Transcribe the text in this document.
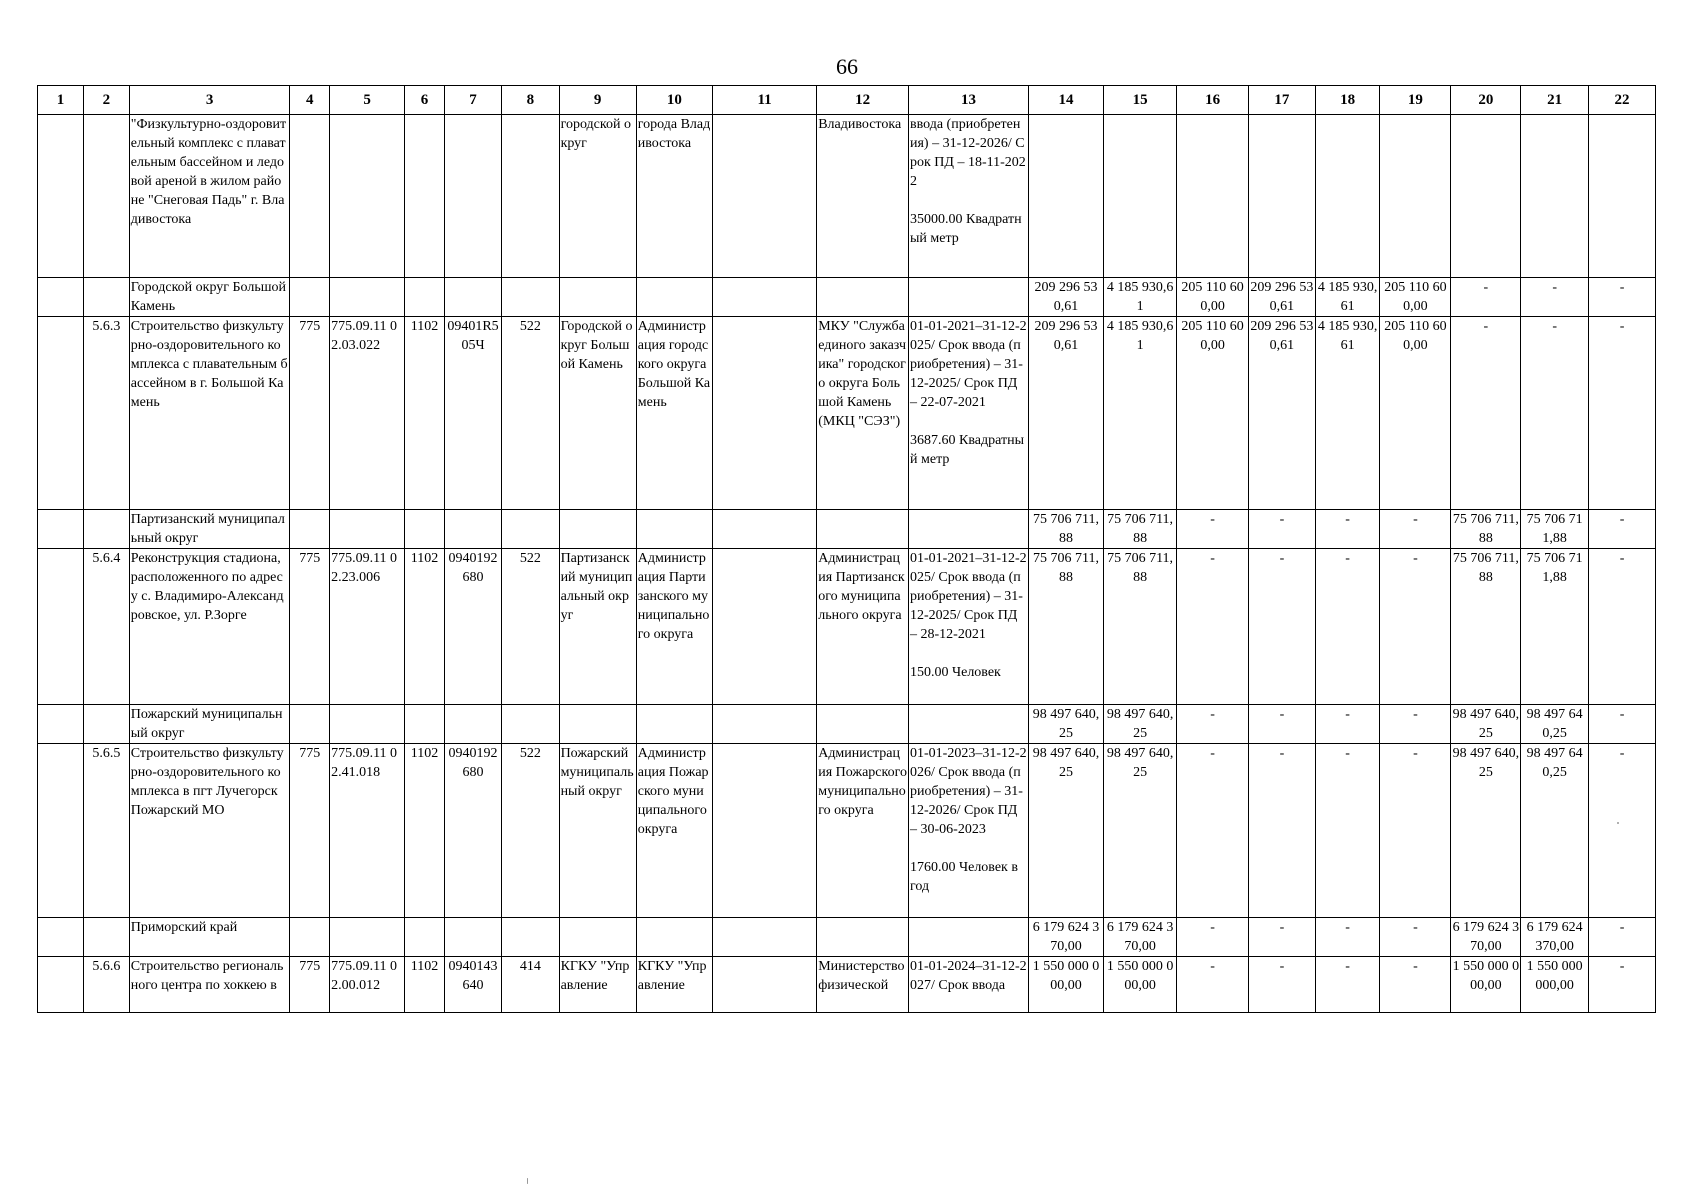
66
1	2	3	4	5	6	7	8	9	10	11	12	13	14	15	16	17	18	19	20	21	22
		"Физкультурно-оздоровительный комплекс с плавательным бассейном и ледовой ареной в жилом районе "Снеговая Падь" г. Владивостока						городской округ	города Владивостока		Владивостока	ввода (приобретения) – 31-12-2026/ Срок ПД – 18-11-2022

35000.00 Квадратный метр									
		Городской округ Большой Камень											209 296 530,61	4 185 930,61	205 110 600,00	209 296 530,61	4 185 930,61	205 110 600,00	-	-	-
	5.6.3	Строительство физкультурно-оздоровительного комплекса с плавательным бассейном в г. Большой Камень	775	775.09.11 02.03.022	1102	09401R505Ч	522	Городской округ Большой Камень	Администрация городского округа Большой Камень		МКУ "Служба единого заказчика" городского округа Большой Камень (МКЦ "СЭЗ")	01-01-2021–31-12-2025/ Срок ввода (приобретения) – 31-12-2025/ Срок ПД – 22-07-2021

3687.60 Квадратный метр	209 296 530,61	4 185 930,61	205 110 600,00	209 296 530,61	4 185 930,61	205 110 600,00	-	-	-
		Партизанский муниципальный округ											75 706 711,88	75 706 711,88	-	-	-	-	75 706 711,88	75 706 711,88	-
	5.6.4	Реконструкция стадиона, расположенного по адресу с. Владимиро-Александровское, ул. Р.Зорге	775	775.09.11 02.23.006	1102	0940192680	522	Партизанский муниципальный округ	Администрация Партизанского муниципального округа		Администрация Партизанского муниципального округа	01-01-2021–31-12-2025/ Срок ввода (приобретения) – 31-12-2025/ Срок ПД – 28-12-2021

150.00 Человек	75 706 711,88	75 706 711,88	-	-	-	-	75 706 711,88	75 706 711,88	-
		Пожарский муниципальный округ											98 497 640,25	98 497 640,25	-	-	-	-	98 497 640,25	98 497 640,25	-
	5.6.5	Строительство физкультурно-оздоровительного комплекса в пгт Лучегорск Пожарский МО	775	775.09.11 02.41.018	1102	0940192680	522	Пожарский муниципальный округ	Администрация Пожарского муниципального округа		Администрация Пожарского муниципального округа	01-01-2023–31-12-2026/ Срок ввода (приобретения) – 31-12-2026/ Срок ПД – 30-06-2023

1760.00 Человек в год	98 497 640,25	98 497 640,25	-	-	-	-	98 497 640,25	98 497 640,25	-
		Приморский край											6 179 624 370,00	6 179 624 370,00	-	-	-	-	6 179 624 370,00	6 179 624 370,00	-
	5.6.6	Строительство регионального центра по хоккею в	775	775.09.11 02.00.012	1102	0940143640	414	КГКУ "Управление	КГКУ "Управление		Министерство физической	01-01-2024–31-12-2027/ Срок ввода	1 550 000 000,00	1 550 000 000,00	-	-	-	-	1 550 000 000,00	1 550 000 000,00	-
